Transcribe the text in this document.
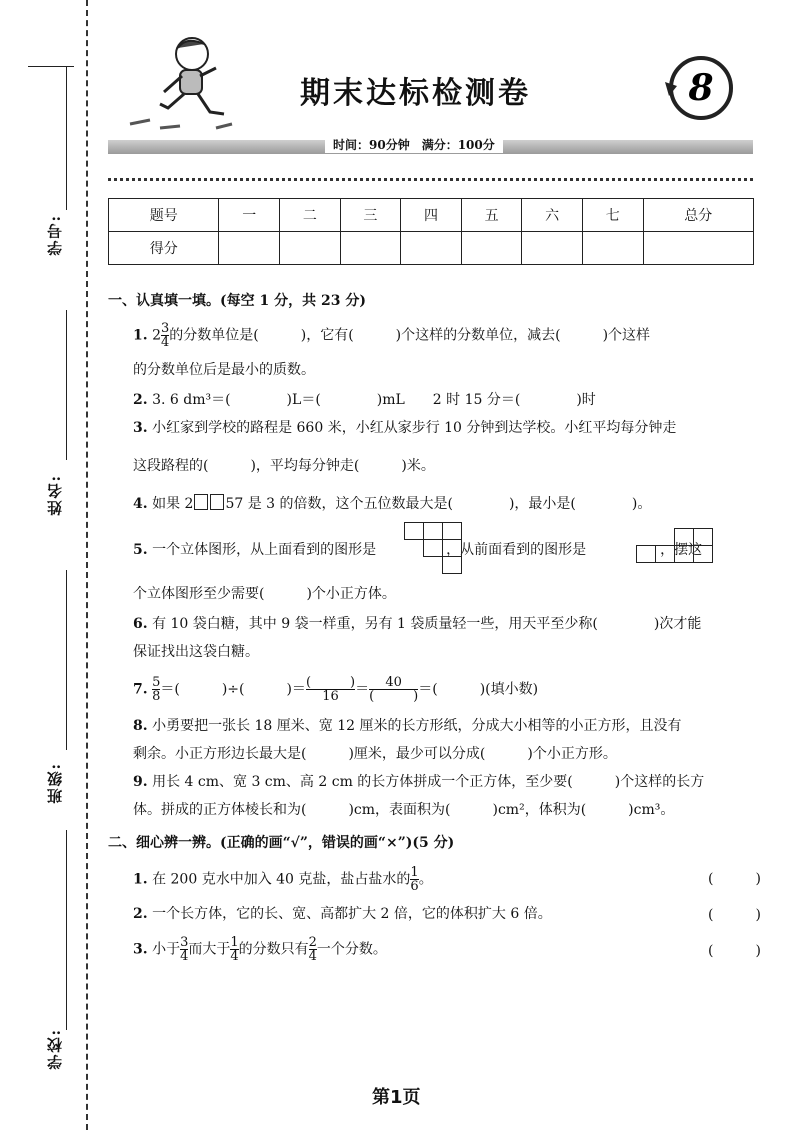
学号:
姓名:
班级:
学校:
期末达标检测卷	8
时间：90分钟　满分：100分
题号	一	二	三	四	五	六	七	总分
得分								
一、认真填一填。(每空 1 分，共 23 分)
1. $2 \frac{3}{4}$ 的分数单位是(　　　)，它有(　　　)个这样的分数单位，减去(　　　)个这样
的分数单位后是最小的质数。
2. 3. 6 dm³＝(　　　　)L＝(　　　　)mL　　2 时 15 分＝(　　　　)时
3. 小红家到学校的路程是 660 米，小红从家步行 10 分钟到达学校。小红平均每分钟走
这段路程的(　　　)，平均每分钟走(　　　)米。
4. 如果 2 57 是 3 的倍数，这个五位数最大是(　　　　)，最小是(　　　　)。
5. 一个立体图形，从上面看到的图形是	，从前面看到的图形是	，摆这
个立体图形至少需要(　　　)个小正方体。
6. 有 10 袋白糖，其中 9 袋一样重，另有 1 袋质量轻一些，用天平至少称(　　　　)次才能
保证找出这袋白糖。
7. $\frac{5}{8}$ ＝(　　　)÷(　　　)＝ $\frac{( )}{16} = \frac{40}{( )}$ ＝(　　　)(填小数)
8. 小勇要把一张长 18 厘米、宽 12 厘米的长方形纸，分成大小相等的小正方形，且没有
剩余。小正方形边长最大是(　　　)厘米，最少可以分成(　　　)个小正方形。
9. 用长 4 cm、宽 3 cm、高 2 cm 的长方体拼成一个正方体，至少要(　　　)个这样的长方
体。拼成的正方体棱长和为(　　　)cm，表面积为(　　　)cm²，体积为(　　　)cm³。
二、细心辨一辨。(正确的画“√”，错误的画“×”)(5 分)
1. 在 200 克水中加入 40 克盐，盐占盐水的 $\frac{1}{6}$ 。	(　　　)
2. 一个长方体，它的长、宽、高都扩大 2 倍，它的体积扩大 6 倍。	(　　　)
3. 小于 $\frac{3}{4}$ 而大于 $\frac{1}{4}$ 的分数只有 $\frac{2}{4}$ 一个分数。	(　　　)
第1页
